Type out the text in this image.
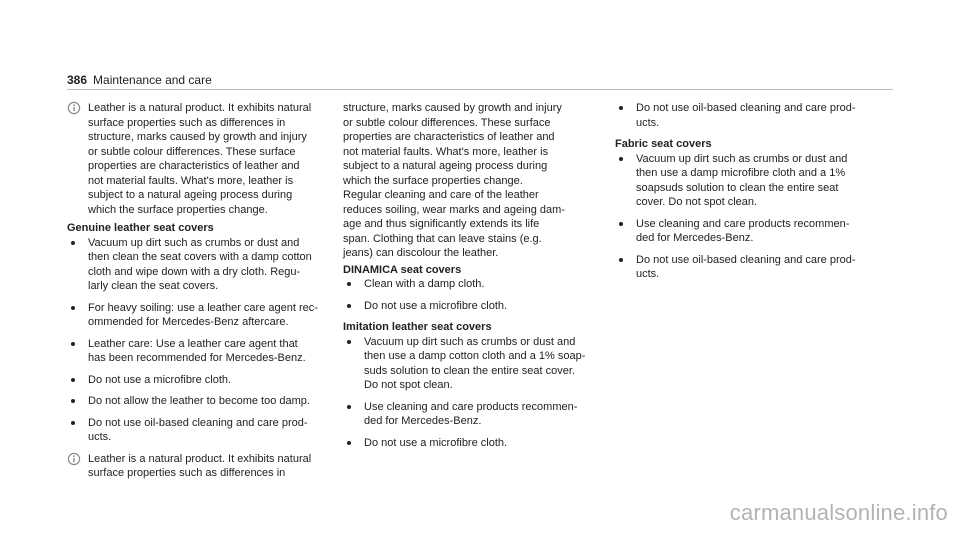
386 Maintenance and care
Leather is a natural product. It exhibits natural
surface properties such as differences in
structure, marks caused by growth and injury
or subtle colour differences. These surface
properties are characteristics of leather and
not material faults. What's more, leather is
subject to a natural ageing process during
which the surface properties change.
Genuine leather seat covers
Vacuum up dirt such as crumbs or dust and
then clean the seat covers with a damp cotton
cloth and wipe down with a dry cloth. Regu-
larly clean the seat covers.
For heavy soiling: use a leather care agent rec-
ommended for Mercedes-Benz aftercare.
Leather care: Use a leather care agent that
has been recommended for Mercedes-Benz.
Do not use a microfibre cloth.
Do not allow the leather to become too damp.
Do not use oil-based cleaning and care prod-
ucts.
Leather is a natural product. It exhibits natural
surface properties such as differences in
structure, marks caused by growth and injury
or subtle colour differences. These surface
properties are characteristics of leather and
not material faults. What's more, leather is
subject to a natural ageing process during
which the surface properties change.
Regular cleaning and care of the leather
reduces soiling, wear marks and ageing dam-
age and thus significantly extends its life
span. Clothing that can leave stains (e.g.
jeans) can discolour the leather.
DINAMICA seat covers
Clean with a damp cloth.
Do not use a microfibre cloth.
Imitation leather seat covers
Vacuum up dirt such as crumbs or dust and
then use a damp cotton cloth and a 1% soap-
suds solution to clean the entire seat cover.
Do not spot clean.
Use cleaning and care products recommen-
ded for Mercedes-Benz.
Do not use a microfibre cloth.
Do not use oil-based cleaning and care prod-
ucts.
Fabric seat covers
Vacuum up dirt such as crumbs or dust and
then use a damp microfibre cloth and a 1%
soapsuds solution to clean the entire seat
cover. Do not spot clean.
Use cleaning and care products recommen-
ded for Mercedes-Benz.
Do not use oil-based cleaning and care prod-
ucts.
carmanualsonline.info
